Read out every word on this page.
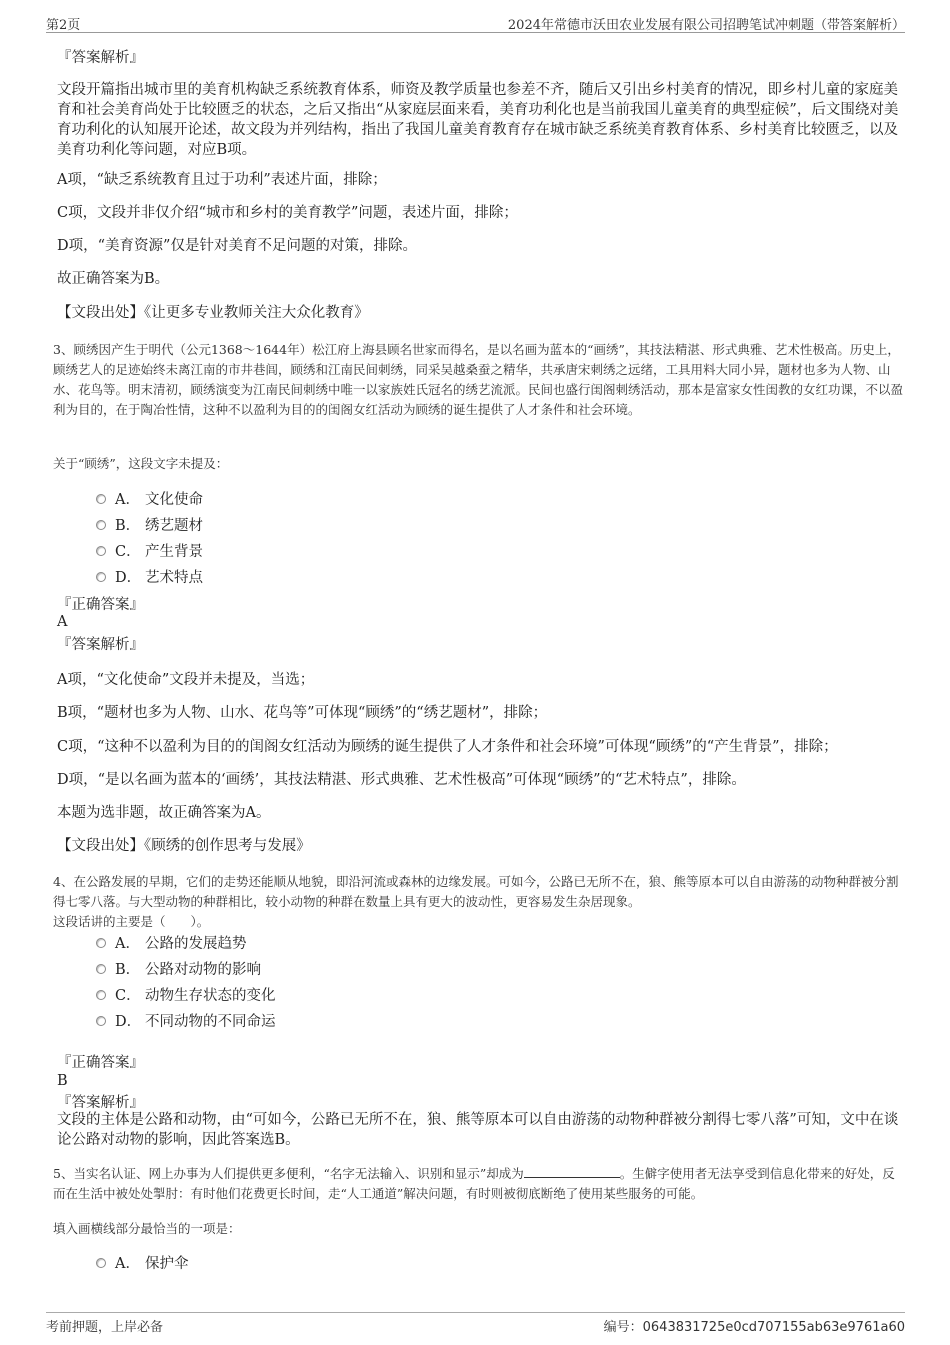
第2页	2024年常德市沃田农业发展有限公司招聘笔试冲刺题（带答案解析）

『答案解析』

文段开篇指出城市里的美育机构缺乏系统教育体系，师资及教学质量也参差不齐，随后又引出乡村美育的情况，即乡村儿童的家庭美育和社会美育尚处于比较匮乏的状态，之后又指出“从家庭层面来看，美育功利化也是当前我国儿童美育的典型症候”，后文围绕对美育功利化的认知展开论述，故文段为并列结构，指出了我国儿童美育教育存在城市缺乏系统美育教育体系、乡村美育比较匮乏，以及美育功利化等问题，对应B项。

A项，“缺乏系统教育且过于功利”表述片面，排除；

C项，文段并非仅介绍“城市和乡村的美育教学”问题，表述片面，排除；

D项，“美育资源”仅是针对美育不足问题的对策，排除。

故正确答案为B。

【文段出处】《让更多专业教师关注大众化教育》

3、顾绣因产生于明代（公元1368～1644年）松江府上海县顾名世家而得名，是以名画为蓝本的“画绣”，其技法精湛、形式典雅、艺术性极高。历史上，顾绣艺人的足迹始终未离江南的市井巷闾，顾绣和江南民间刺绣，同采吴越桑蚕之精华，共承唐宋刺绣之远绪，工具用料大同小异，题材也多为人物、山水、花鸟等。明末清初，顾绣演变为江南民间刺绣中唯一以家族姓氏冠名的绣艺流派。民间也盛行闺阁刺绣活动，那本是富家女性闺教的女红功课，不以盈利为目的，在于陶冶性情，这种不以盈利为目的的闺阁女红活动为顾绣的诞生提供了人才条件和社会环境。

关于“顾绣”，这段文字未提及：

A． 文化使命
B． 绣艺题材
C． 产生背景
D． 艺术特点

『正确答案』

A

『答案解析』

A项，“文化使命”文段并未提及，当选；

B项，“题材也多为人物、山水、花鸟等”可体现“顾绣”的“绣艺题材”，排除；

C项，“这种不以盈利为目的的闺阁女红活动为顾绣的诞生提供了人才条件和社会环境”可体现“顾绣”的“产生背景”，排除；

D项，“是以名画为蓝本的‘画绣’，其技法精湛、形式典雅、艺术性极高”可体现“顾绣”的“艺术特点”，排除。

本题为选非题，故正确答案为A。

【文段出处】《顾绣的创作思考与发展》

4、在公路发展的早期，它们的走势还能顺从地貌，即沿河流或森林的边缘发展。可如今，公路已无所不在，狼、熊等原本可以自由游荡的动物种群被分割得七零八落。与大型动物的种群相比，较小动物的种群在数量上具有更大的波动性，更容易发生杂居现象。

这段话讲的主要是（　　）。

A． 公路的发展趋势
B． 公路对动物的影响
C． 动物生存状态的变化
D． 不同动物的不同命运

『正确答案』

B

『答案解析』

文段的主体是公路和动物，由“可如今，公路已无所不在，狼、熊等原本可以自由游荡的动物种群被分割得七零八落”可知，文中在谈论公路对动物的影响，因此答案选B。

5、当实名认证、网上办事为人们提供更多便利，“名字无法输入、识别和显示”却成为	。生僻字使用者无法享受到信息化带来的好处，反而在生活中被处处掣肘：有时他们花费更长时间，走“人工通道”解决问题，有时则被彻底断绝了使用某些服务的可能。

填入画横线部分最恰当的一项是：

A． 保护伞
考前押题，上岸必备	编号：0643831725e0cd707155ab63e9761a60
